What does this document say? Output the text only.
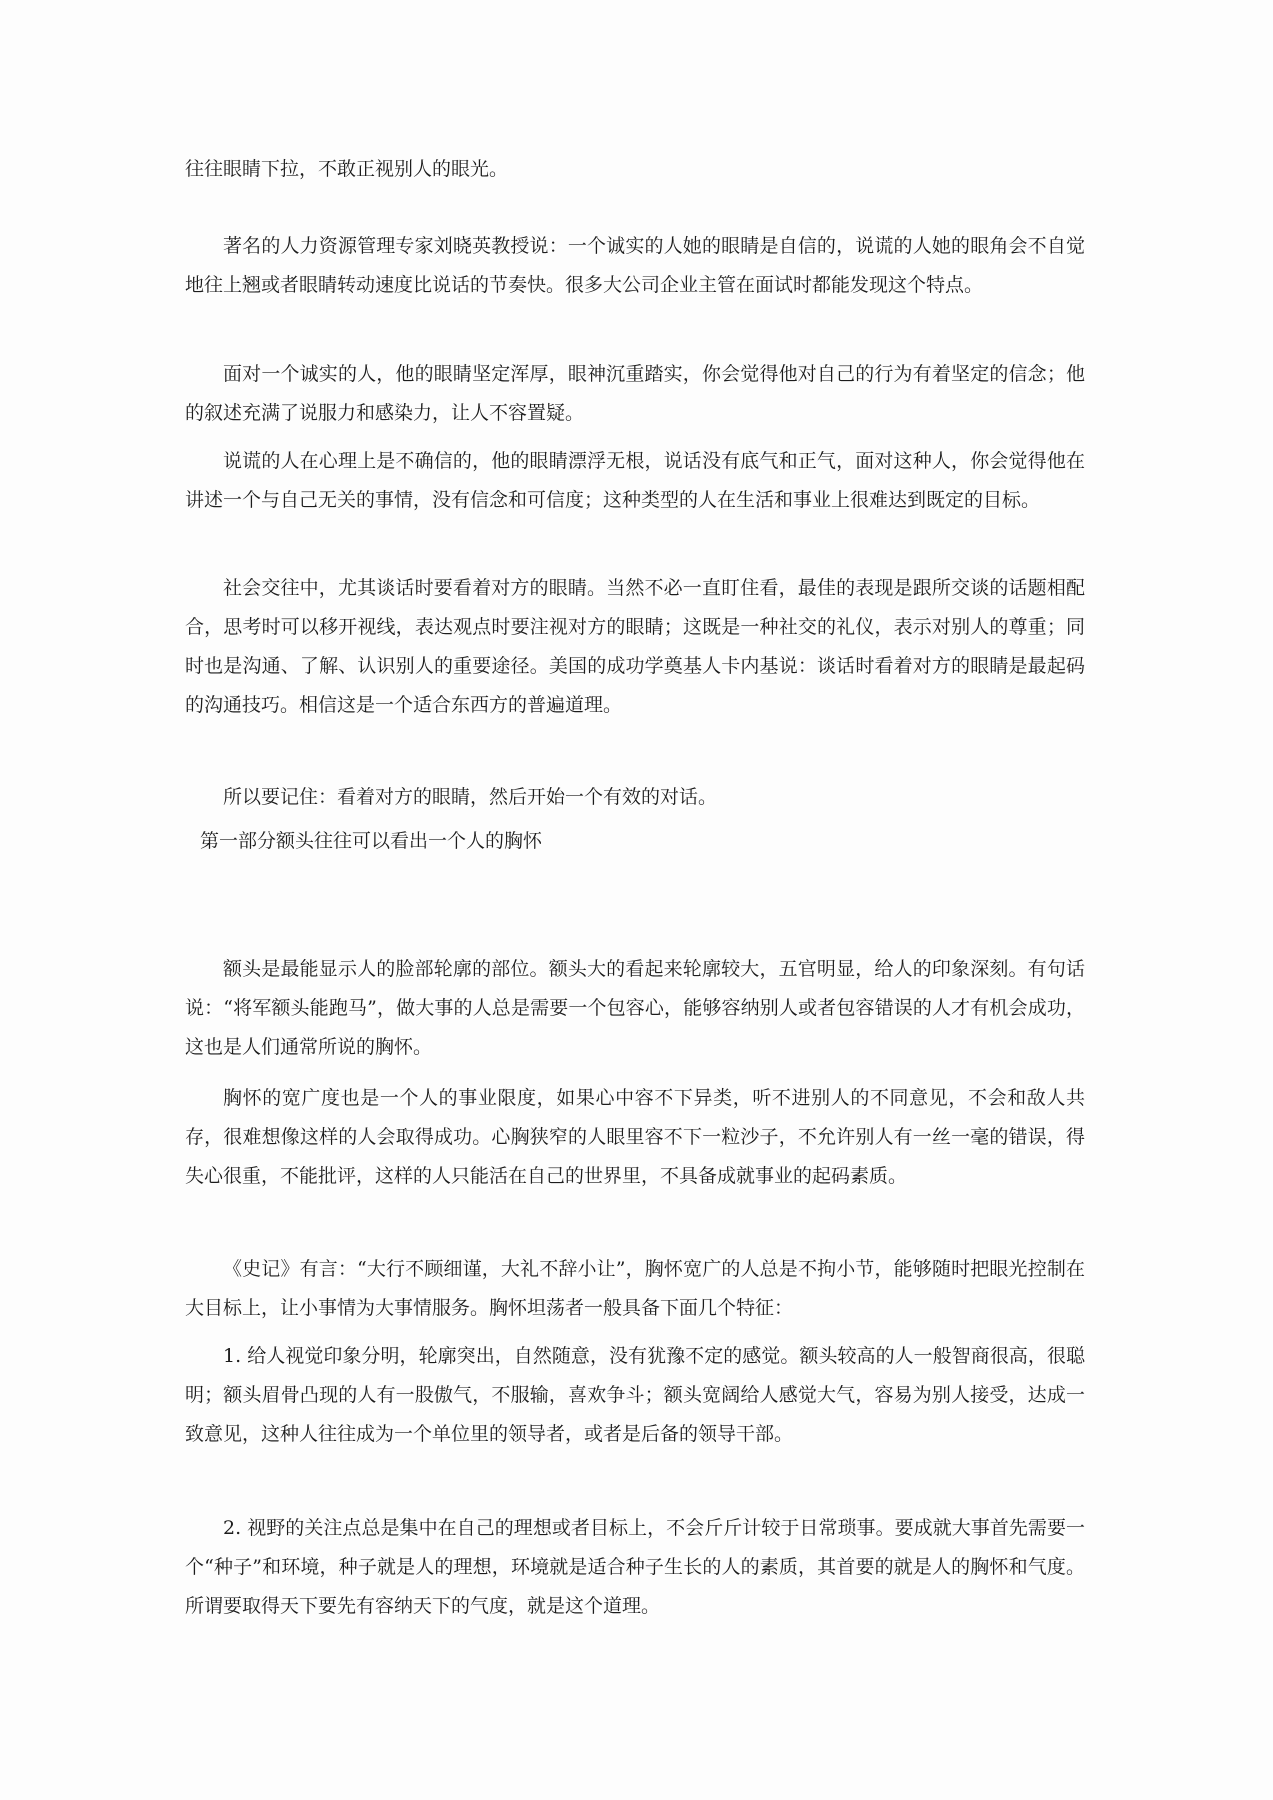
往往眼睛下拉，不敢正视别人的眼光。

著名的人力资源管理专家刘晓英教授说：一个诚实的人她的眼睛是自信的，说谎的人她的眼角会不自觉地往上翘或者眼睛转动速度比说话的节奏快。很多大公司企业主管在面试时都能发现这个特点。

面对一个诚实的人，他的眼睛坚定浑厚，眼神沉重踏实，你会觉得他对自己的行为有着坚定的信念；他的叙述充满了说服力和感染力，让人不容置疑。

说谎的人在心理上是不确信的，他的眼睛漂浮无根，说话没有底气和正气，面对这种人，你会觉得他在讲述一个与自己无关的事情，没有信念和可信度；这种类型的人在生活和事业上很难达到既定的目标。

社会交往中，尤其谈话时要看着对方的眼睛。当然不必一直盯住看，最佳的表现是跟所交谈的话题相配合，思考时可以移开视线，表达观点时要注视对方的眼睛；这既是一种社交的礼仪，表示对别人的尊重；同时也是沟通、了解、认识别人的重要途径。美国的成功学奠基人卡内基说：谈话时看着对方的眼睛是最起码的沟通技巧。相信这是一个适合东西方的普遍道理。

所以要记住：看着对方的眼睛，然后开始一个有效的对话。

第一部分额头往往可以看出一个人的胸怀

额头是最能显示人的脸部轮廓的部位。额头大的看起来轮廓较大，五官明显，给人的印象深刻。有句话说：“将军额头能跑马”，做大事的人总是需要一个包容心，能够容纳别人或者包容错误的人才有机会成功，这也是人们通常所说的胸怀。

胸怀的宽广度也是一个人的事业限度，如果心中容不下异类，听不进别人的不同意见，不会和敌人共存，很难想像这样的人会取得成功。心胸狭窄的人眼里容不下一粒沙子，不允许别人有一丝一毫的错误，得失心很重，不能批评，这样的人只能活在自己的世界里，不具备成就事业的起码素质。

《史记》有言：“大行不顾细谨，大礼不辞小让”，胸怀宽广的人总是不拘小节，能够随时把眼光控制在大目标上，让小事情为大事情服务。胸怀坦荡者一般具备下面几个特征：

1. 给人视觉印象分明，轮廓突出，自然随意，没有犹豫不定的感觉。额头较高的人一般智商很高，很聪明；额头眉骨凸现的人有一股傲气，不服输，喜欢争斗；额头宽阔给人感觉大气，容易为别人接受，达成一致意见，这种人往往成为一个单位里的领导者，或者是后备的领导干部。

2. 视野的关注点总是集中在自己的理想或者目标上，不会斤斤计较于日常琐事。要成就大事首先需要一个“种子”和环境，种子就是人的理想，环境就是适合种子生长的人的素质，其首要的就是人的胸怀和气度。所谓要取得天下要先有容纳天下的气度，就是这个道理。
